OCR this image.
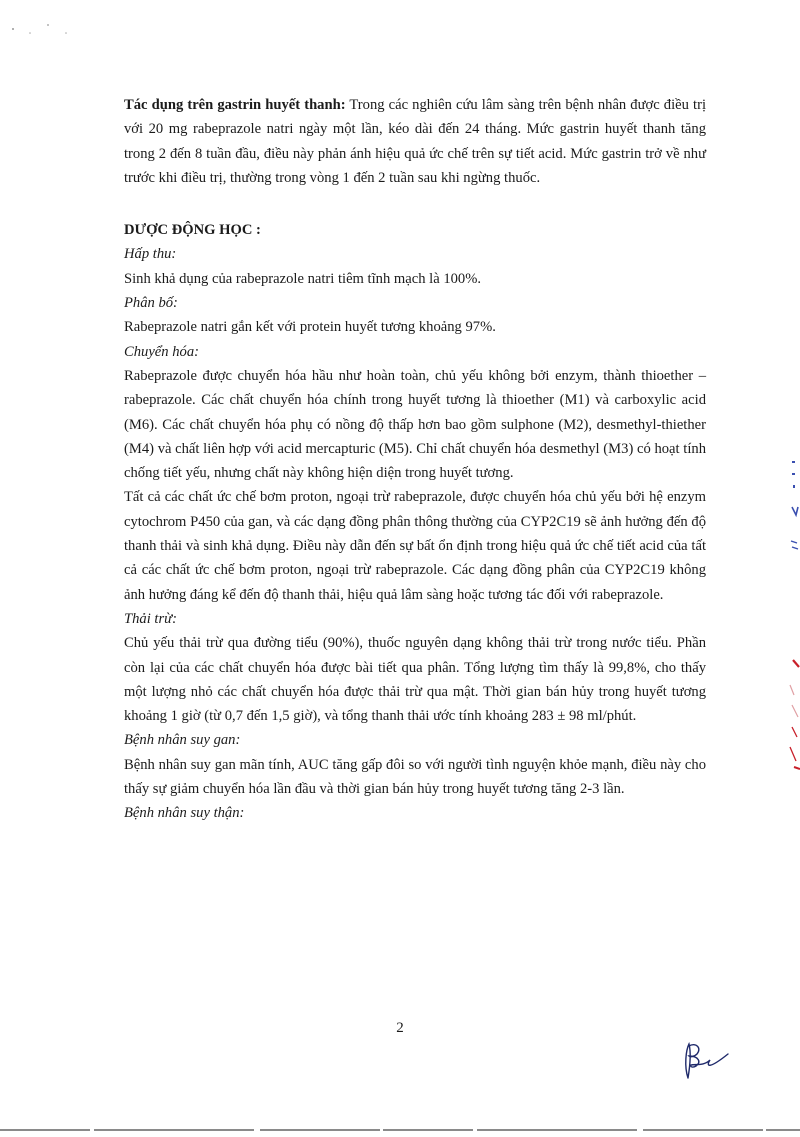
Tác dụng trên gastrin huyết thanh: Trong các nghiên cứu lâm sàng trên bệnh nhân được điều trị với 20 mg rabeprazole natri ngày một lần, kéo dài đến 24 tháng. Mức gastrin huyết thanh tăng trong 2 đến 8 tuần đầu, điều này phản ánh hiệu quả ức chế trên sự tiết acid. Mức gastrin trở về như trước khi điều trị, thường trong vòng 1 đến 2 tuần sau khi ngừng thuốc.

DƯỢC ĐỘNG HỌC :

Hấp thu:

Sinh khả dụng của rabeprazole natri tiêm tĩnh mạch là 100%.

Phân bố:

Rabeprazole natri gắn kết với protein huyết tương khoảng 97%.

Chuyển hóa:

Rabeprazole được chuyển hóa hầu như hoàn toàn, chủ yếu không bởi enzym, thành thioether – rabeprazole. Các chất chuyển hóa chính trong huyết tương là thioether (M1) và carboxylic acid (M6). Các chất chuyển hóa phụ có nồng độ thấp hơn bao gồm sulphone (M2), desmethyl-thiether (M4) và chất liên hợp với acid mercapturic (M5). Chỉ chất chuyển hóa desmethyl (M3) có hoạt tính chống tiết yếu, nhưng chất này không hiện diện trong huyết tương.

Tất cả các chất ức chế bơm proton, ngoại trừ rabeprazole, được chuyển hóa chủ yếu bởi hệ enzym cytochrom P450 của gan, và các dạng đồng phân thông thường của CYP2C19 sẽ ảnh hưởng đến độ thanh thải và sinh khả dụng. Điều này dẫn đến sự bất ổn định trong hiệu quả ức chế tiết acid của tất cả các chất ức chế bơm proton, ngoại trừ rabeprazole. Các dạng đồng phân của CYP2C19 không ảnh hưởng đáng kể đến độ thanh thải, hiệu quả lâm sàng hoặc tương tác đối với rabeprazole.

Thải trừ:

Chủ yếu thải trừ qua đường tiểu (90%), thuốc nguyên dạng không thải trừ trong nước tiểu. Phần còn lại của các chất chuyển hóa được bài tiết qua phân. Tổng lượng tìm thấy là 99,8%, cho thấy một lượng nhỏ các chất chuyển hóa được thải trừ qua mật. Thời gian bán hủy trong huyết tương khoảng 1 giờ (từ 0,7 đến 1,5 giờ), và tổng thanh thải ước tính khoảng 283 ± 98 ml/phút.

Bệnh nhân suy gan:

Bệnh nhân suy gan mãn tính, AUC tăng gấp đôi so với người tình nguyện khỏe mạnh, điều này cho thấy sự giảm chuyển hóa lần đầu và thời gian bán hủy trong huyết tương tăng 2-3 lần.

Bệnh nhân suy thận:

2
